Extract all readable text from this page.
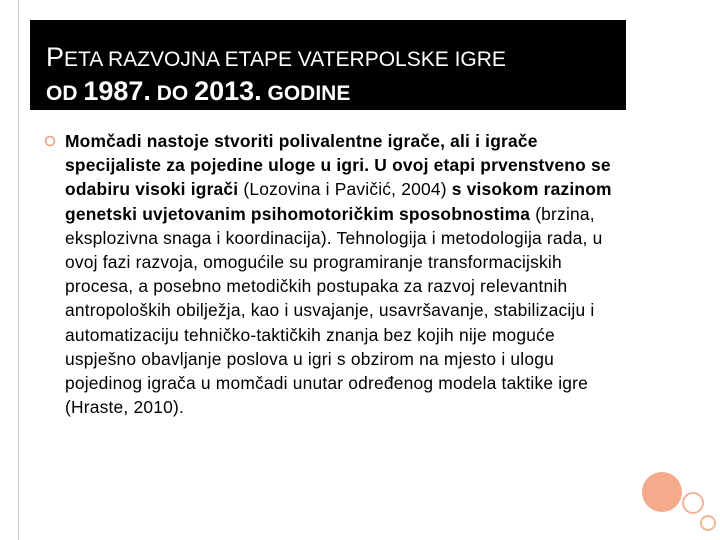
PETA RAZVOJNA ETAPE VATERPOLSKE IGRE
OD 1987. DO 2013. GODINE
Momčadi nastoje stvoriti polivalentne igrače, ali i igrače specijaliste za pojedine uloge u igri. U ovoj etapi prvenstveno se odabiru visoki igrači (Lozovina i Pavičić, 2004) s visokom razinom genetski uvjetovanim psihomotoričkim sposobnostima (brzina, eksplozivna snaga i koordinacija). Tehnologija i metodologija rada, u ovoj fazi razvoja, omogućile su programiranje transformacijskih procesa, a posebno metodičkih postupaka za razvoj relevantnih antropoloških obilježja, kao i usvajanje, usavršavanje, stabilizaciju i automatizaciju tehničko-taktičkih znanja bez kojih nije moguće uspješno obavljanje poslova u igri s obzirom na mjesto i ulogu pojedinog igrača u momčadi unutar određenog modela taktike igre (Hraste, 2010).
